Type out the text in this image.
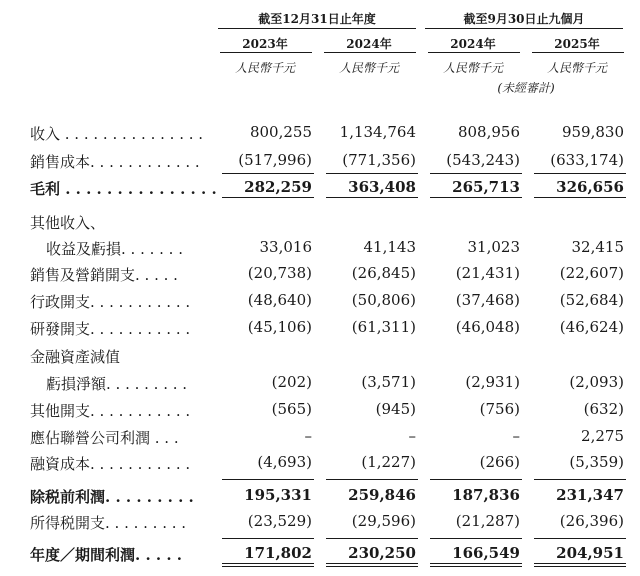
截至12月31日止年度	截至9月30日止九個月
2023年	2024年	2024年	2025年
人民幣千元	人民幣千元	人民幣千元	人民幣千元
(未經審計)
收入 . . . . . . . . . . . . . . .	800,255	1,134,764	808,956	959,830
銷售成本. . . . . . . . . . . .	(517,996)	(771,356)	(543,243)	(633,174)
毛利 . . . . . . . . . . . . . . .	282,259	363,408	265,713	326,656
其他收入、
收益及虧損. . . . . . .	33,016	41,143	31,023	32,415
銷售及營銷開支. . . . .	(20,738)	(26,845)	(21,431)	(22,607)
行政開支. . . . . . . . . . .	(48,640)	(50,806)	(37,468)	(52,684)
研發開支. . . . . . . . . . .	(45,106)	(61,311)	(46,048)	(46,624)
金融資產減值
虧損淨額. . . . . . . . .	(202)	(3,571)	(2,931)	(2,093)
其他開支. . . . . . . . . . .	(565)	(945)	(756)	(632)
應佔聯營公司利潤 . . .	–	–	–	2,275
融資成本. . . . . . . . . . .	(4,693)	(1,227)	(266)	(5,359)
除税前利潤. . . . . . . . .	195,331	259,846	187,836	231,347
所得税開支. . . . . . . . .	(23,529)	(29,596)	(21,287)	(26,396)
年度／期間利潤. . . . .	171,802	230,250	166,549	204,951
